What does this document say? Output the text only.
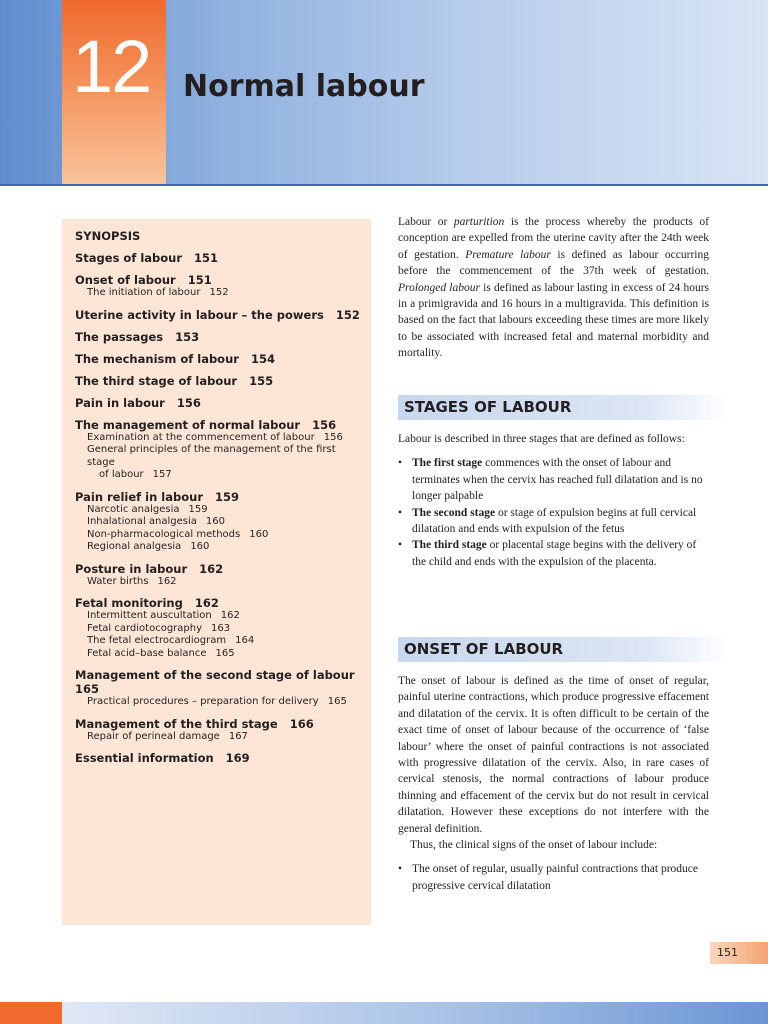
12 Normal labour
SYNOPSIS
Stages of labour 151
Onset of labour 151
The initiation of labour 152
Uterine activity in labour – the powers 152
The passages 153
The mechanism of labour 154
The third stage of labour 155
Pain in labour 156
The management of normal labour 156
Examination at the commencement of labour 156
General principles of the management of the first stage
of labour 157
Pain relief in labour 159
Narcotic analgesia 159
Inhalational analgesia 160
Non-pharmacological methods 160
Regional analgesia 160
Posture in labour 162
Water births 162
Fetal monitoring 162
Intermittent auscultation 162
Fetal cardiotocography 163
The fetal electrocardiogram 164
Fetal acid–base balance 165
Management of the second stage of labour
165
Practical procedures – preparation for delivery 165
Management of the third stage 166
Repair of perineal damage 167
Essential information 169

Labour or parturition is the process whereby the products of conception are expelled from the uterine cavity after the 24th week of gestation. Premature labour is defined as labour occurring before the commencement of the 37th week of gestation. Prolonged labour is defined as labour lasting in excess of 24 hours in a primigravida and 16 hours in a multigravida. This definition is based on the fact that labours exceeding these times are more likely to be associated with increased fetal and maternal morbidity and mortality.

STAGES OF LABOUR

Labour is described in three stages that are defined as follows:

• The first stage commences with the onset of labour and terminates when the cervix has reached full dilatation and is no longer palpable
• The second stage or stage of expulsion begins at full cervical dilatation and ends with expulsion of the fetus
• The third stage or placental stage begins with the delivery of the child and ends with the expulsion of the placenta.
ONSET OF LABOUR

The onset of labour is defined as the time of onset of regular, painful uterine contractions, which produce progressive effacement and dilatation of the cervix. It is often difficult to be certain of the exact time of onset of labour because of the occurrence of ‘false labour’ where the onset of painful contractions is not associated with progressive dilatation of the cervix. Also, in rare cases of cervical stenosis, the normal contractions of labour produce thinning and effacement of the cervix but do not result in cervical dilatation. However these exceptions do not interfere with the general definition.

Thus, the clinical signs of the onset of labour include:

• The onset of regular, usually painful contractions that produce progressive cervical dilatation
151
